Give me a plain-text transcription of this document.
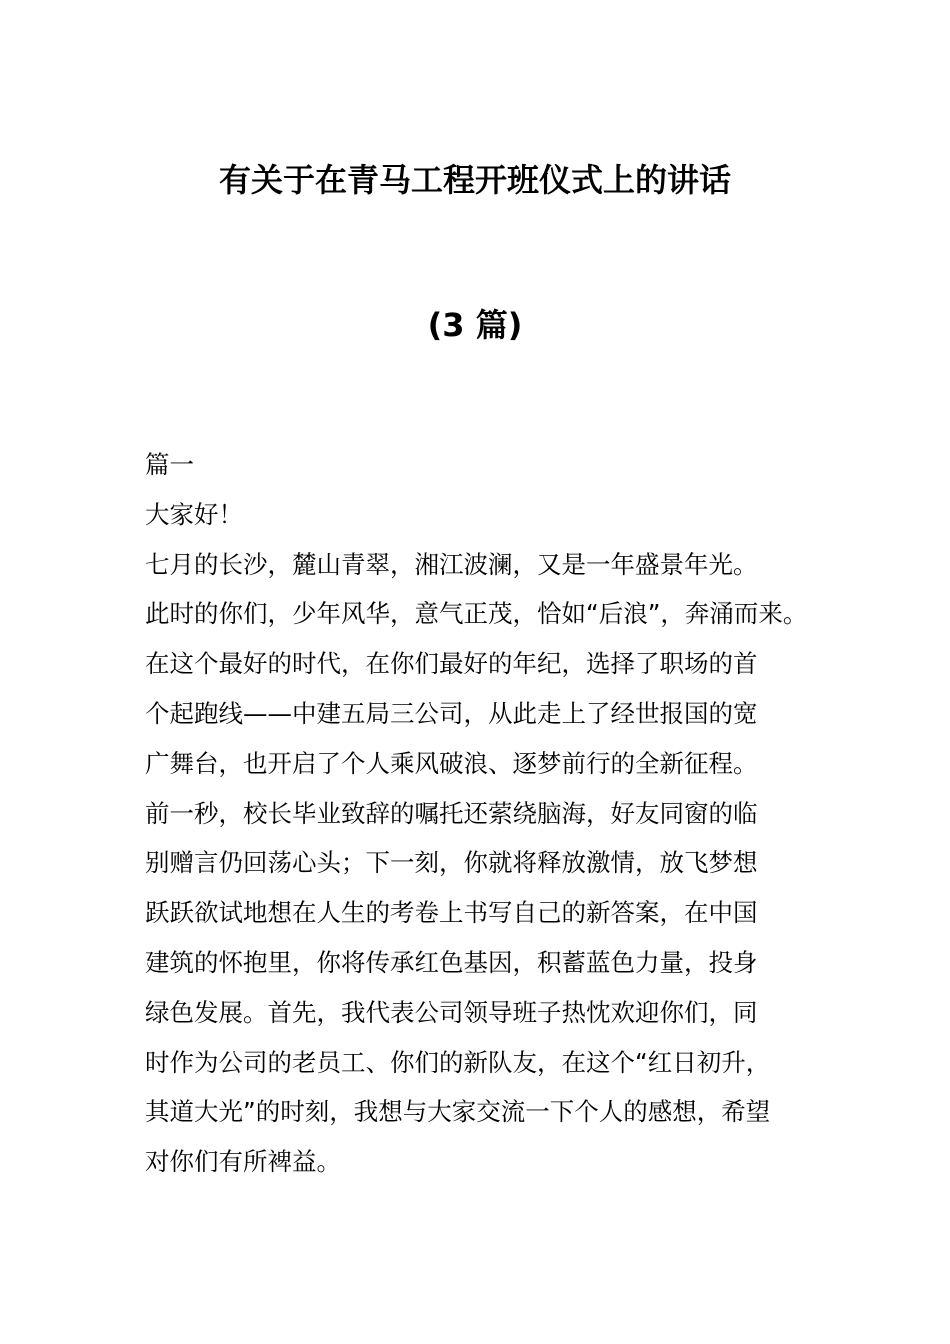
有关于在青马工程开班仪式上的讲话
(3 篇)
篇一
大家好！
七月的长沙，麓山青翠，湘江波澜，又是一年盛景年光。
此时的你们，少年风华，意气正茂，恰如“后浪”，奔涌而来。
在这个最好的时代，在你们最好的年纪，选择了职场的首
个起跑线——中建五局三公司，从此走上了经世报国的宽
广舞台，也开启了个人乘风破浪、逐梦前行的全新征程。
前一秒，校长毕业致辞的嘱托还萦绕脑海，好友同窗的临
别赠言仍回荡心头；下一刻，你就将释放激情，放飞梦想
跃跃欲试地想在人生的考卷上书写自己的新答案，在中国
建筑的怀抱里，你将传承红色基因，积蓄蓝色力量，投身
绿色发展。首先，我代表公司领导班子热忱欢迎你们，同
时作为公司的老员工、你们的新队友，在这个“红日初升，
其道大光”的时刻，我想与大家交流一下个人的感想，希望
对你们有所裨益。
